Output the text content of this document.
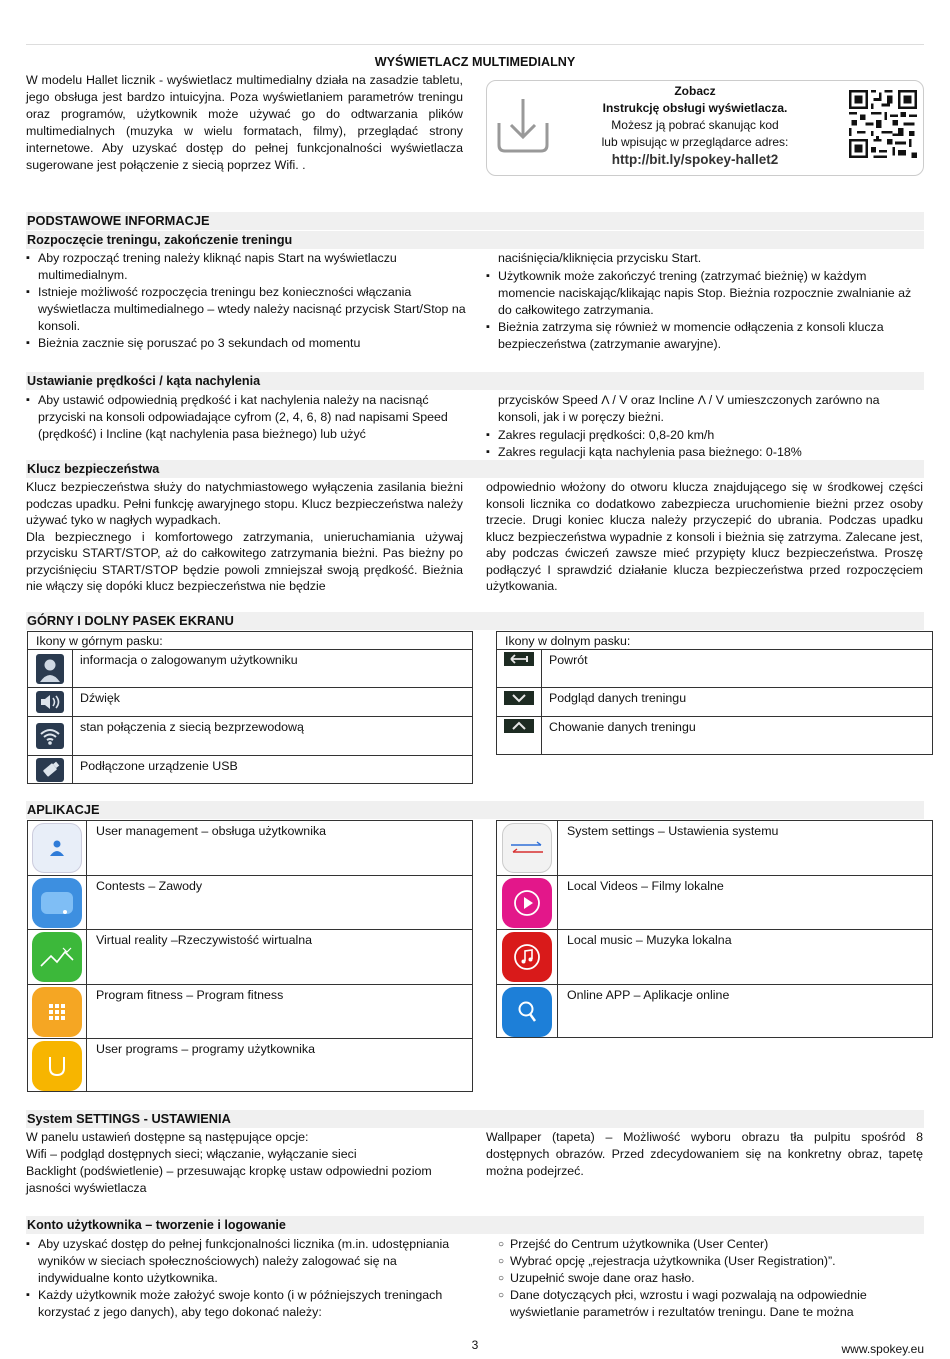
WYŚWIETLACZ MULTIMEDIALNY
W modelu Hallet licznik - wyświetlacz multimedialny działa na zasadzie tabletu, jego obsługa jest bardzo intuicyjna. Poza wyświetlaniem parametrów treningu oraz programów, użytkownik może używać go do odtwarzania plików multimedialnych (muzyka w wielu formatach, filmy), przeglądać strony internetowe. Aby uzyskać dostęp do pełnej funkcjonalności wyświetlacza sugerowane jest połączenie z siecią poprzez Wifi. .
Zobacz
Instrukcję obsługi wyświetlacza.
Możesz ją pobrać skanując kod
lub wpisując w przeglądarce adres:
http://bit.ly/spokey-hallet2
PODSTAWOWE INFORMACJE
Rozpoczęcie treningu, zakończenie treningu
▪ Aby rozpocząć trening należy kliknąć napis Start na wyświetlaczu multimedialnym.
▪ Istnieje możliwość rozpoczęcia treningu bez konieczności włączania wyświetlacza multimedialnego – wtedy należy nacisnąć przycisk Start/Stop na konsoli.
▪ Bieżnia zacznie się poruszać po 3 sekundach od momentu
naciśnięcia/kliknięcia przycisku Start.
▪ Użytkownik może zakończyć trening (zatrzymać bieżnię) w każdym momencie naciskając/klikając napis Stop. Bieżnia rozpocznie zwalnianie aż do całkowitego zatrzymania.
▪ Bieżnia zatrzyma się również w momencie odłączenia z konsoli klucza bezpieczeństwa (zatrzymanie awaryjne).
Ustawianie prędkości / kąta nachylenia
▪ Aby ustawić odpowiednią prędkość i kat nachylenia należy na nacisnąć przyciski na konsoli odpowiadające cyfrom (2, 4, 6, 8) nad napisami Speed (prędkość) i Incline (kąt nachylenia pasa bieżnego) lub użyć
przycisków Speed Λ / V oraz Incline Λ / V umieszczonych zarówno na konsoli, jak i w poręczy bieżni.
▪ Zakres regulacji prędkości: 0,8-20 km/h
▪ Zakres regulacji kąta nachylenia pasa bieżnego: 0-18%
Klucz bezpieczeństwa
Klucz bezpieczeństwa służy do natychmiastowego wyłączenia zasilania bieżni podczas upadku. Pełni funkcję awaryjnego stopu. Klucz bezpieczeństwa należy używać tyko w nagłych wypadkach.
Dla bezpiecznego i komfortowego zatrzymania, unieruchamiania używaj przycisku START/STOP, aż do całkowitego zatrzymania bieżni. Pas bieżny po przyciśnięciu START/STOP będzie powoli zmniejszał swoją prędkość. Bieżnia nie włączy się dopóki klucz bezpieczeństwa nie będzie
odpowiednio włożony do otworu klucza znajdującego się w środkowej części konsoli licznika co dodatkowo zabezpiecza uruchomienie bieżni przez osoby trzecie. Drugi koniec klucza należy przyczepić do ubrania. Podczas upadku klucz bezpieczeństwa wypadnie z konsoli i bieżnia się zatrzyma. Zalecane jest, aby podczas ćwiczeń zawsze mieć przypięty klucz bezpieczeństwa. Proszę podłączyć I sprawdzić działanie klucza bezpieczeństwa przed rozpoczęciem użytkowania.
GÓRNY I DOLNY PASEK EKRANU
Ikony w górnym pasku:
informacja o zalogowanym użytkowniku
Dźwięk
stan połączenia z siecią bezprzewodową
Podłączone urządzenie USB
Ikony w dolnym pasku:
Powrót
Podgląd danych treningu
Chowanie danych treningu
APLIKACJE
User management – obsługa użytkownika
Contests – Zawody
Virtual reality –Rzeczywistość wirtualna
Program fitness – Program fitness
User programs – programy użytkownika
System settings – Ustawienia systemu
Local Videos – Filmy lokalne
Local music – Muzyka lokalna
Online APP – Aplikacje online
System SETTINGS - USTAWIENIA
W panelu ustawień dostępne są następujące opcje:
Wifi – podgląd dostępnych sieci; włączanie, wyłączanie sieci
Backlight (podświetlenie) – przesuwając kropkę ustaw odpowiedni poziom jasności wyświetlacza
Wallpaper (tapeta) – Możliwość wyboru obrazu tła pulpitu spośród 8 dostępnych obrazów. Przed zdecydowaniem się na konkretny obraz, tapetę można podejrzeć.
Konto użytkownika – tworzenie i logowanie
▪ Aby uzyskać dostęp do pełnej funkcjonalności licznika (m.in. udostępniania wyników w sieciach społecznościowych) należy zalogować się na indywidualne konto użytkownika.
▪ Każdy użytkownik może założyć swoje konto (i w późniejszych treningach korzystać z jego danych), aby tego dokonać należy:
○ Przejść do Centrum użytkownika (User Center)
○ Wybrać opcję „rejestracja użytkownika (User Registration)”.
○ Uzupełnić swoje dane oraz hasło.
○ Dane dotyczących płci, wzrostu i wagi pozwalają na odpowiednie wyświetlanie parametrów i rezultatów treningu. Dane te można
3	www.spokey.eu
